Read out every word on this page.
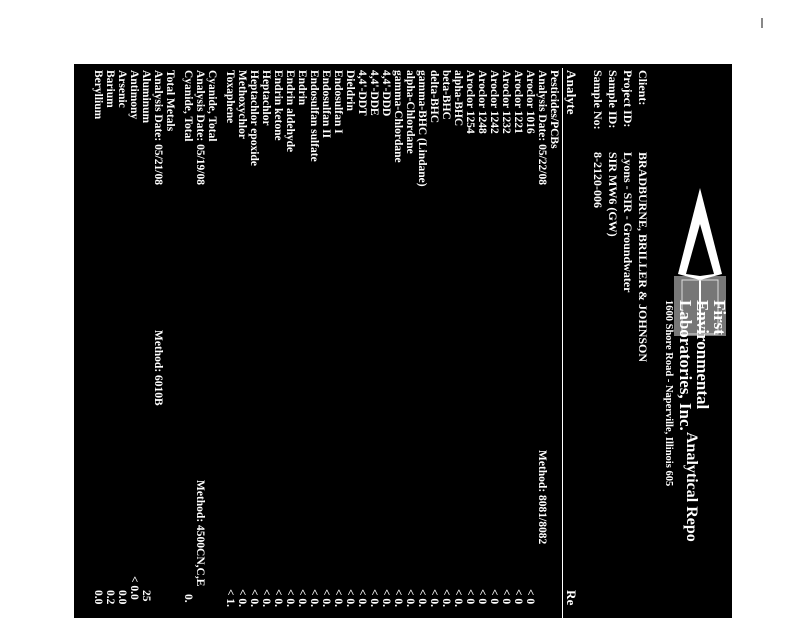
First
Environmental
Laboratories, Inc.
1600 Shore Road - Naperville, Illinois 605
Analytical Repo
Client:
Project ID:
Sample ID:
Sample No:
BRADBURNE, BRILLER & JOHNSON
Lyons - SIR - Groundwater
SIR MW6 (GW)
8-2120-006
Analyte
Re
Pesticides/PCBs
Analysis Date: 05/22/08
Method: 8081/8082
Aroclor 1016
Aroclor 1221
Aroclor 1232
Aroclor 1242
Aroclor 1248
Aroclor 1254
alpha-BHC
beta-BHC
delta-BHC
gamma-BHC (Lindane)
alpha-Chlordane
gamma-Chlordane
4,4'-DDD
4,4'-DDE
4,4'-DDT
Dieldrin
Endosulfan I
Endosulfan II
Endosulfan sulfate
Endrin
Endrin aldehyde
Endrin ketone
Heptachlor
Heptachlor epoxide
Methoxychlor
Toxaphene
< 0
< 0
< 0
< 0
< 0
< 0
< 0.
< 0.
< 0.
< 0.
< 0.
< 0.
< 0.
< 0.
< 0.
< 0.
< 0.
< 0.
< 0.
< 0.
< 0.
< 0.
< 0.
< 0.
< 0.
< 1.
Cyanide, Total
Analysis Date: 05/19/08
Method: 4500CN,C,E
Cyanide, Total
0.
Total Metals
Analysis Date: 05/21/08
Method: 6010B
Aluminum
Antimony
Arsenic
Barium
Beryllium
25
< 0.0
0.0
0.2
0.0
